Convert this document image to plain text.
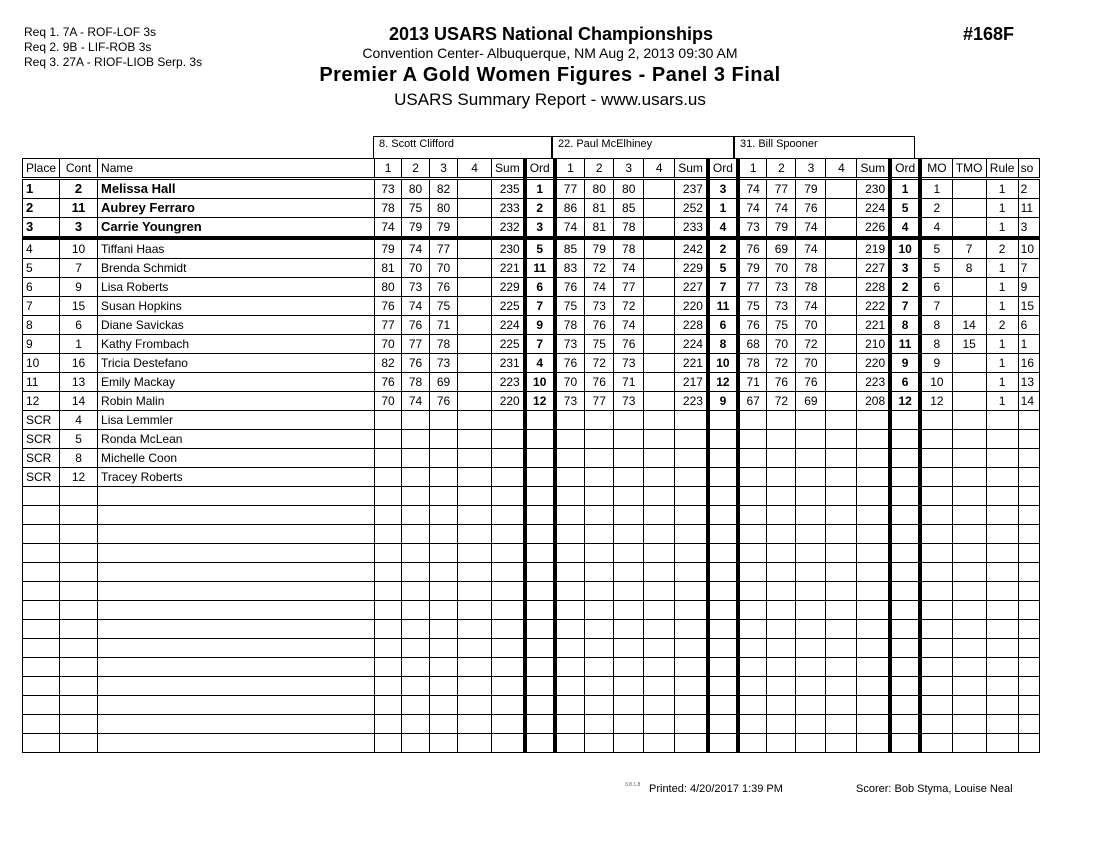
Req 1. 7A - ROF-LOF 3s
Req 2. 9B - LIF-ROB 3s
Req 3. 27A - RIOF-LIOB Serp. 3s
2013 USARS National Championships
Convention Center- Albuquerque, NM Aug 2, 2013 09:30 AM
Premier A Gold Women Figures - Panel 3 Final
USARS Summary Report - www.usars.us
#168F
8. Scott Clifford	22. Paul McElhiney	31. Bill Spooner
Place	Cont	Name	1	2	3	4	Sum	Ord	1	2	3	4	Sum	Ord	1	2	3	4	Sum	Ord	MO	TMO	Rule	so
1	2	Melissa Hall	73	80	82		235	1	77	80	80		237	3	74	77	79		230	1	1		1	2
2	11	Aubrey Ferraro	78	75	80		233	2	86	81	85		252	1	74	74	76		224	5	2		1	11
3	3	Carrie Youngren	74	79	79		232	3	74	81	78		233	4	73	79	74		226	4	4		1	3
4	10	Tiffani Haas	79	74	77		230	5	85	79	78		242	2	76	69	74		219	10	5	7	2	10
5	7	Brenda Schmidt	81	70	70		221	11	83	72	74		229	5	79	70	78		227	3	5	8	1	7
6	9	Lisa Roberts	80	73	76		229	6	76	74	77		227	7	77	73	78		228	2	6		1	9
7	15	Susan Hopkins	76	74	75		225	7	75	73	72		220	11	75	73	74		222	7	7		1	15
8	6	Diane Savickas	77	76	71		224	9	78	76	74		228	6	76	75	70		221	8	8	14	2	6
9	1	Kathy Frombach	70	77	78		225	7	73	75	76		224	8	68	70	72		210	11	8	15	1	1
10	16	Tricia Destefano	82	76	73		231	4	76	72	73		221	10	78	72	70		220	9	9		1	16
11	13	Emily Mackay	76	78	69		223	10	70	76	71		217	12	71	76	76		223	6	10		1	13
12	14	Robin Malin	70	74	76		220	12	73	77	73		223	9	67	72	69		208	12	12		1	14
SCR	4	Lisa Lemmler																						
SCR	5	Ronda McLean																						
SCR	8	Michelle Coon																						
SCR	12	Tracey Roberts																						

3.8.1.8 Printed: 4/20/2017 1:39 PM	Scorer: Bob Styma, Louise Neal
